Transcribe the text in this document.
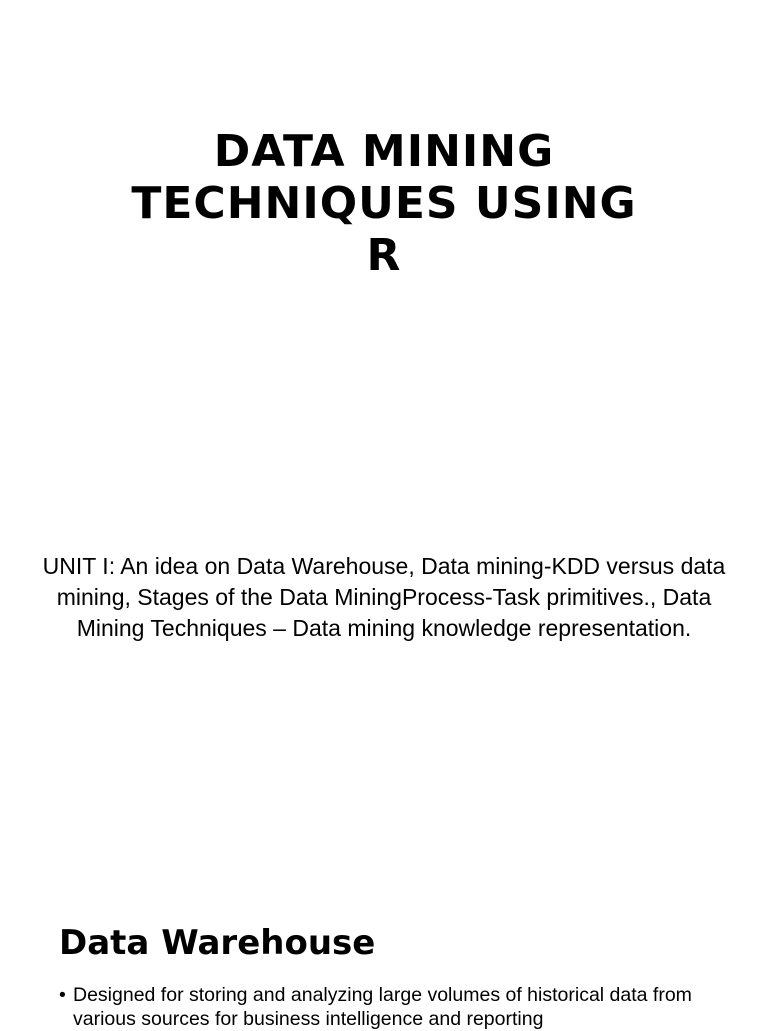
DATA MINING
TECHNIQUES USING
R

UNIT I: An idea on Data Warehouse, Data mining-KDD versus data mining, Stages of the Data MiningProcess-Task primitives., Data Mining Techniques – Data mining knowledge representation.

Data Warehouse
• Designed for storing and analyzing large volumes of historical data from various sources for business intelligence and reporting
